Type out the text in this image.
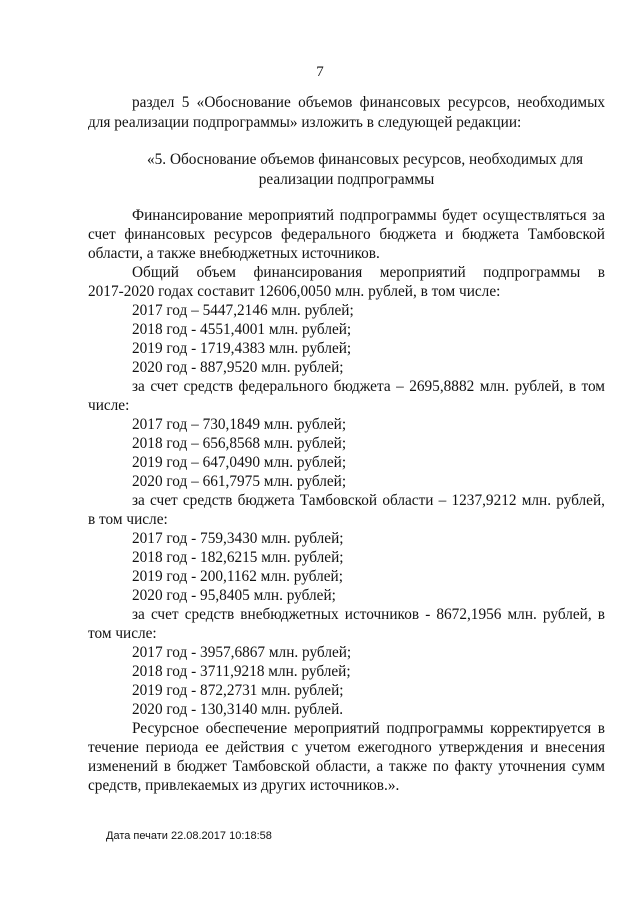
7
раздел 5 «Обоснование объемов финансовых ресурсов, необходимых
для реализации подпрограммы» изложить в следующей редакции:
«5. Обоснование объемов финансовых ресурсов, необходимых для
реализации подпрограммы
Финансирование мероприятий подпрограммы будет осуществляться за
счет финансовых ресурсов федерального бюджета и бюджета Тамбовской
области, а также внебюджетных источников.
Общий объем финансирования мероприятий подпрограммы в
2017-2020 годах составит 12606,0050 млн. рублей, в том числе:
2017 год – 5447,2146 млн. рублей;
2018 год - 4551,4001 млн. рублей;
2019 год - 1719,4383 млн. рублей;
2020 год - 887,9520 млн. рублей;
за счет средств федерального бюджета – 2695,8882 млн. рублей, в том
числе:
2017 год – 730,1849 млн. рублей;
2018 год – 656,8568 млн. рублей;
2019 год – 647,0490 млн. рублей;
2020 год – 661,7975 млн. рублей;
за счет средств бюджета Тамбовской области – 1237,9212 млн. рублей,
в том числе:
2017 год - 759,3430 млн. рублей;
2018 год - 182,6215 млн. рублей;
2019 год - 200,1162 млн. рублей;
2020 год - 95,8405 млн. рублей;
за счет средств внебюджетных источников - 8672,1956 млн. рублей, в
том числе:
2017 год - 3957,6867 млн. рублей;
2018 год - 3711,9218 млн. рублей;
2019 год - 872,2731 млн. рублей;
2020 год - 130,3140 млн. рублей.
Ресурсное обеспечение мероприятий подпрограммы корректируется в
течение периода ее действия с учетом ежегодного утверждения и внесения
изменений в бюджет Тамбовской области, а также по факту уточнения сумм
средств, привлекаемых из других источников.».
Дата печати 22.08.2017 10:18:58
